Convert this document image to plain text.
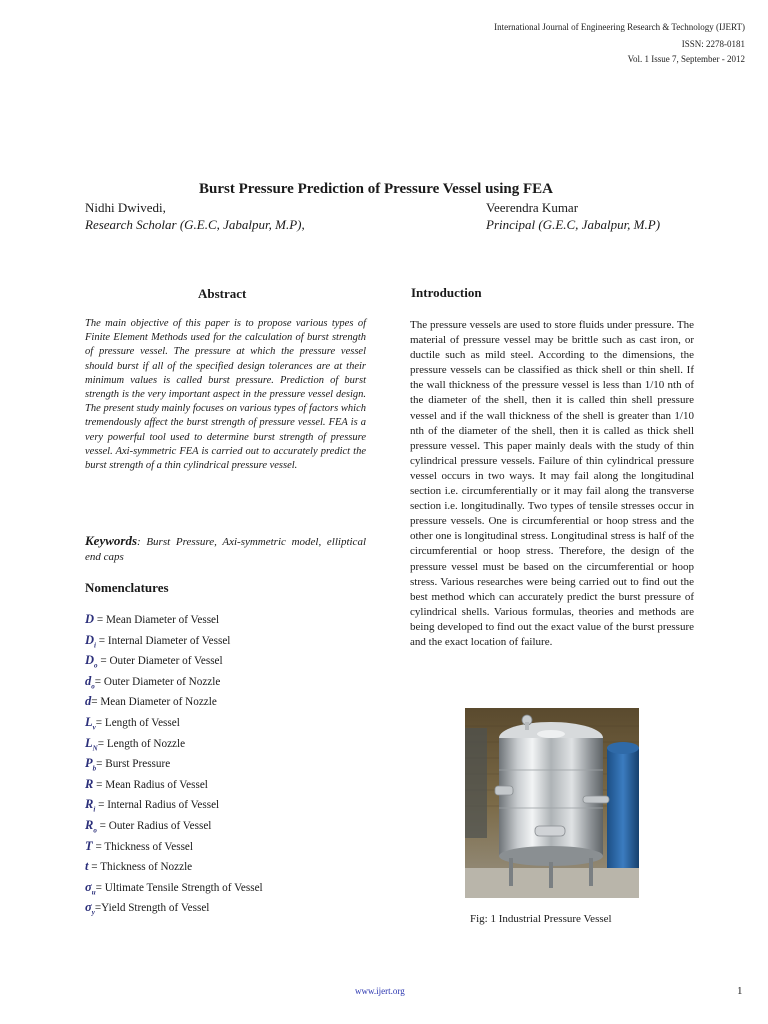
International Journal of Engineering Research & Technology (IJERT)
ISSN: 2278-0181
Vol. 1 Issue 7, September - 2012
Burst Pressure Prediction of Pressure Vessel using FEA
Nidhi Dwivedi,
Research Scholar (G.E.C, Jabalpur, M.P),
Veerendra Kumar
Principal (G.E.C, Jabalpur, M.P)
Abstract
The main objective of this paper is to propose various types of Finite Element Methods used for the calculation of burst strength of pressure vessel. The pressure at which the pressure vessel should burst if all of the specified design tolerances are at their minimum values is called burst pressure. Prediction of burst strength is the very important aspect in the pressure vessel design. The present study mainly focuses on various types of factors which tremendously affect the burst strength of pressure vessel. FEA is a very powerful tool used to determine burst strength of pressure vessel. Axi-symmetric FEA is carried out to accurately predict the burst strength of a thin cylindrical pressure vessel.
Keywords: Burst Pressure, Axi-symmetric model, elliptical end caps
Nomenclatures
D = Mean Diameter of Vessel
$D_i$ = Internal Diameter of Vessel
$D_o$ = Outer Diameter of Vessel
$d_o=$ Outer Diameter of Nozzle
d= Mean Diameter of Nozzle
$L_v=$ Length of Vessel
$L_N=$ Length of Nozzle
$P_b=$ Burst Pressure
R = Mean Radius of Vessel
$R_i$ = Internal Radius of Vessel
$R_o$ = Outer Radius of Vessel
T = Thickness of Vessel
t = Thickness of Nozzle
$\sigma_u=$ Ultimate Tensile Strength of Vessel
$\sigma_y=Yield$ Strength of Vessel
Introduction
The pressure vessels are used to store fluids under pressure. The material of pressure vessel may be brittle such as cast iron, or ductile such as mild steel. According to the dimensions, the pressure vessels can be classified as thick shell or thin shell. If the wall thickness of the pressure vessel is less than 1/10 nth of the diameter of the shell, then it is called thin shell pressure vessel and if the wall thickness of the shell is greater than 1/10 nth of the diameter of the shell, then it is called as thick shell pressure vessel. This paper mainly deals with the study of thin cylindrical pressure vessels. Failure of thin cylindrical pressure vessel occurs in two ways. It may fail along the longitudinal section i.e. circumferentially or it may fail along the transverse section i.e. longitudinally. Two types of tensile stresses occur in pressure vessels. One is circumferential or hoop stress and the other one is longitudinal stress. Longitudinal stress is half of the circumferential or hoop stress. Therefore, the design of the pressure vessel must be based on the circumferential or hoop stress. Various researches were being carried out to find out the best method which can accurately predict the burst pressure of cylindrical shells. Various formulas, theories and methods are being developed to find out the exact value of the burst pressure and the exact location of failure.
Fig: 1 Industrial Pressure Vessel
www.ijert.org	1
